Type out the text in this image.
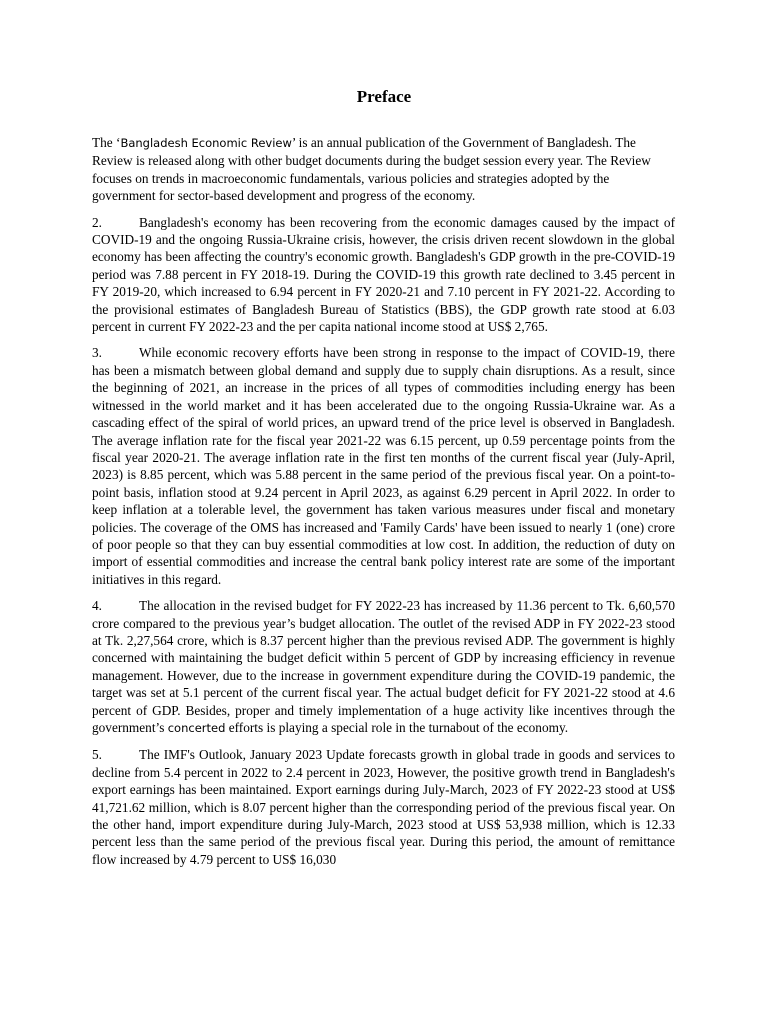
Preface

The ‘Bangladesh Economic Review’ is an annual publication of the Government of Bangladesh. The Review is released along with other budget documents during the budget session every year. The Review focuses on trends in macroeconomic fundamentals, various policies and strategies adopted by the government for sector-based development and progress of the economy.

2.	Bangladesh's economy has been recovering from the economic damages caused by the impact of COVID-19 and the ongoing Russia-Ukraine crisis, however, the crisis driven recent slowdown in the global economy has been affecting the country's economic growth. Bangladesh's GDP growth in the pre-COVID-19 period was 7.88 percent in FY 2018-19. During the COVID-19 this growth rate declined to 3.45 percent in FY 2019-20, which increased to 6.94 percent in FY 2020-21 and 7.10 percent in FY 2021-22. According to the provisional estimates of Bangladesh Bureau of Statistics (BBS), the GDP growth rate stood at 6.03 percent in current FY 2022-23 and the per capita national income stood at US$ 2,765.

3.	While economic recovery efforts have been strong in response to the impact of COVID-19, there has been a mismatch between global demand and supply due to supply chain disruptions. As a result, since the beginning of 2021, an increase in the prices of all types of commodities including energy has been witnessed in the world market and it has been accelerated due to the ongoing Russia-Ukraine war. As a cascading effect of the spiral of world prices, an upward trend of the price level is observed in Bangladesh. The average inflation rate for the fiscal year 2021-22 was 6.15 percent, up 0.59 percentage points from the fiscal year 2020-21. The average inflation rate in the first ten months of the current fiscal year (July-April, 2023) is 8.85 percent, which was 5.88 percent in the same period of the previous fiscal year. On a point-to-point basis, inflation stood at 9.24 percent in April 2023, as against 6.29 percent in April 2022. In order to keep inflation at a tolerable level, the government has taken various measures under fiscal and monetary policies. The coverage of the OMS has increased and 'Family Cards' have been issued to nearly 1 (one) crore of poor people so that they can buy essential commodities at low cost. In addition, the reduction of duty on import of essential commodities and increase the central bank policy interest rate are some of the important initiatives in this regard.

4.	The allocation in the revised budget for FY 2022-23 has increased by 11.36 percent to Tk. 6,60,570 crore compared to the previous year’s budget allocation. The outlet of the revised ADP in FY 2022-23 stood at Tk. 2,27,564 crore, which is 8.37 percent higher than the previous revised ADP. The government is highly concerned with maintaining the budget deficit within 5 percent of GDP by increasing efficiency in revenue management. However, due to the increase in government expenditure during the COVID-19 pandemic, the target was set at 5.1 percent of the current fiscal year. The actual budget deficit for FY 2021-22 stood at 4.6 percent of GDP. Besides, proper and timely implementation of a huge activity like incentives through the government’s concerted efforts is playing a special role in the turnabout of the economy.

5.	The IMF's Outlook, January 2023 Update forecasts growth in global trade in goods and services to decline from 5.4 percent in 2022 to 2.4 percent in 2023, However, the positive growth trend in Bangladesh's export earnings has been maintained. Export earnings during July-March, 2023 of FY 2022-23 stood at US$ 41,721.62 million, which is 8.07 percent higher than the corresponding period of the previous fiscal year. On the other hand, import expenditure during July-March, 2023 stood at US$ 53,938 million, which is 12.33 percent less than the same period of the previous fiscal year. During this period, the amount of remittance flow increased by 4.79 percent to US$ 16,030
